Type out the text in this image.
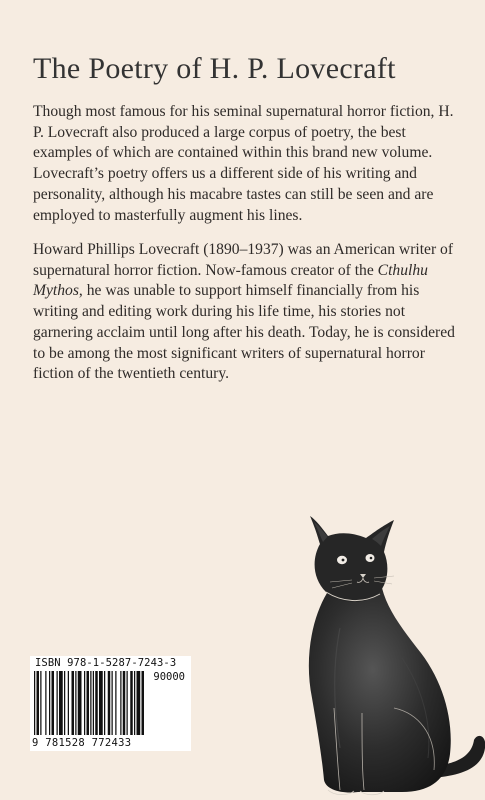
The Poetry of H. P. Lovecraft

Though most famous for his seminal supernatural horror fiction, H. P. Lovecraft also produced a large corpus of poetry, the best examples of which are contained within this brand new volume. Lovecraft’s poetry offers us a different side of his writing and personality, although his macabre tastes can still be seen and are employed to masterfully augment his lines.

Howard Phillips Lovecraft (1890–1937) was an American writer of supernatural horror fiction. Now-famous creator of the Cthulhu Mythos, he was unable to support himself financially from his writing and editing work during his life time, his stories not garnering acclaim until long after his death. Today, he is considered to be among the most significant writers of supernatural horror fiction of the twentieth century.

ISBN 978-1-5287-7243-3
90000
9 781528 772433
